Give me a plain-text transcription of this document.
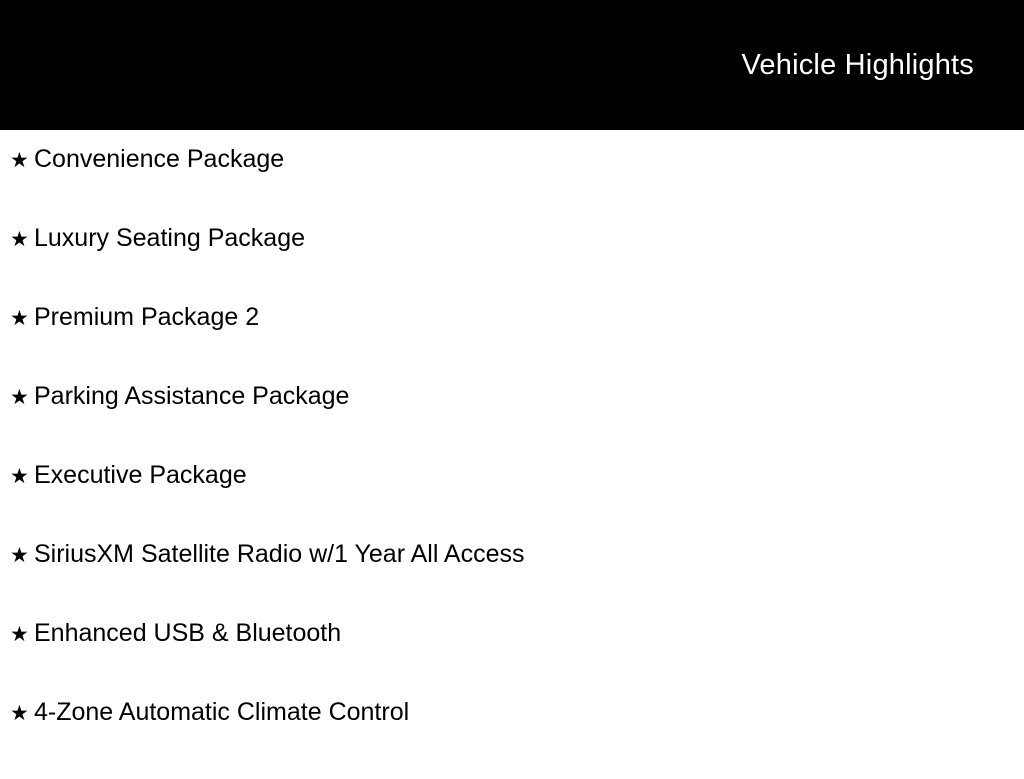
Vehicle Highlights
★ Convenience Package
★ Luxury Seating Package
★ Premium Package 2
★ Parking Assistance Package
★ Executive Package
★ SiriusXM Satellite Radio w/1 Year All Access
★ Enhanced USB & Bluetooth
★ 4-Zone Automatic Climate Control
